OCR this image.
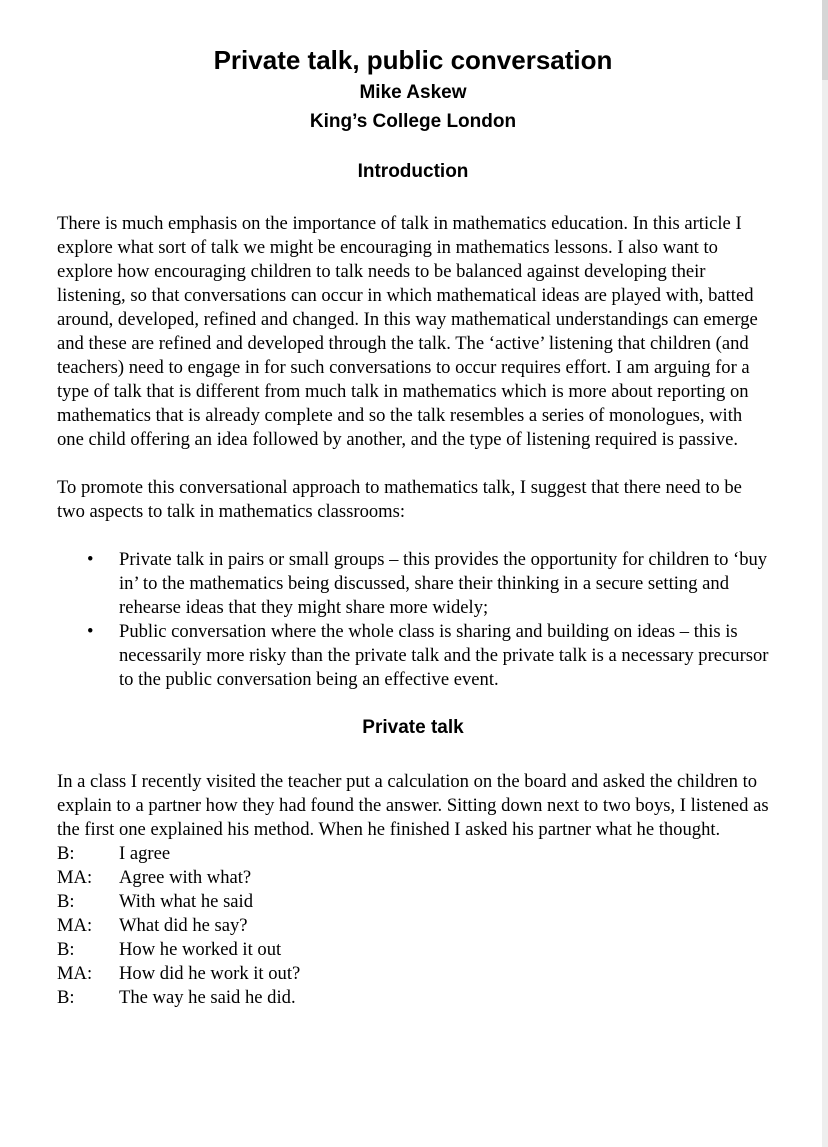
Private talk, public conversation
Mike Askew
King’s College London
Introduction

There is much emphasis on the importance of talk in mathematics education. In this article I explore what sort of talk we might be encouraging in mathematics lessons. I also want to explore how encouraging children to talk needs to be balanced against developing their listening, so that conversations can occur in which mathematical ideas are played with, batted around, developed, refined and changed. In this way mathematical understandings can emerge and these are refined and developed through the talk. The ‘active’ listening that children (and teachers) need to engage in for such conversations to occur requires effort. I am arguing for a type of talk that is different from much talk in mathematics which is more about reporting on mathematics that is already complete and so the talk resembles a series of monologues, with one child offering an idea followed by another, and the type of listening required is passive.

To promote this conversational approach to mathematics talk, I suggest that there need to be two aspects to talk in mathematics classrooms:

• Private talk in pairs or small groups – this provides the opportunity for children to ‘buy in’ to the mathematics being discussed, share their thinking in a secure setting and rehearse ideas that they might share more widely;
• Public conversation where the whole class is sharing and building on ideas – this is necessarily more risky than the private talk and the private talk is a necessary precursor to the public conversation being an effective event.
Private talk

In a class I recently visited the teacher put a calculation on the board and asked the children to explain to a partner how they had found the answer. Sitting down next to two boys, I listened as the first one explained his method. When he finished I asked his partner what he thought.

B:	I agree
MA:	Agree with what?
B:	With what he said
MA:	What did he say?
B:	How he worked it out
MA:	How did he work it out?
B:	The way he said he did.
